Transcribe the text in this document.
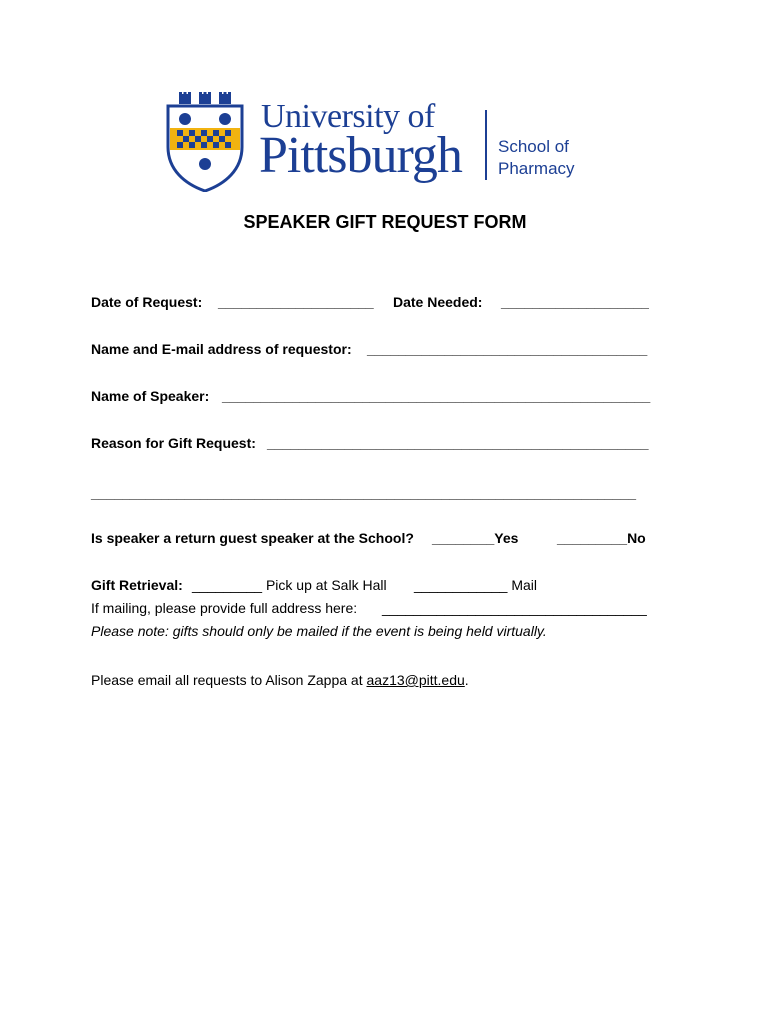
University of
Pittsburgh School of
Pharmacy
SPEAKER GIFT REQUEST FORM
Date of Request: ____________________ Date Needed: ___________________
Name and E-mail address of requestor: ____________________________________
Name of Speaker: _______________________________________________________
Reason for Gift Request: _________________________________________________
______________________________________________________________________
Is speaker a return guest speaker at the School? ________Yes	_________No
Gift Retrieval: _________ Pick up at Salk Hall ____________ Mail
If mailing, please provide full address here: __________________________________
Please note: gifts should only be mailed if the event is being held virtually.
Please email all requests to Alison Zappa at aaz13@pitt.edu.
